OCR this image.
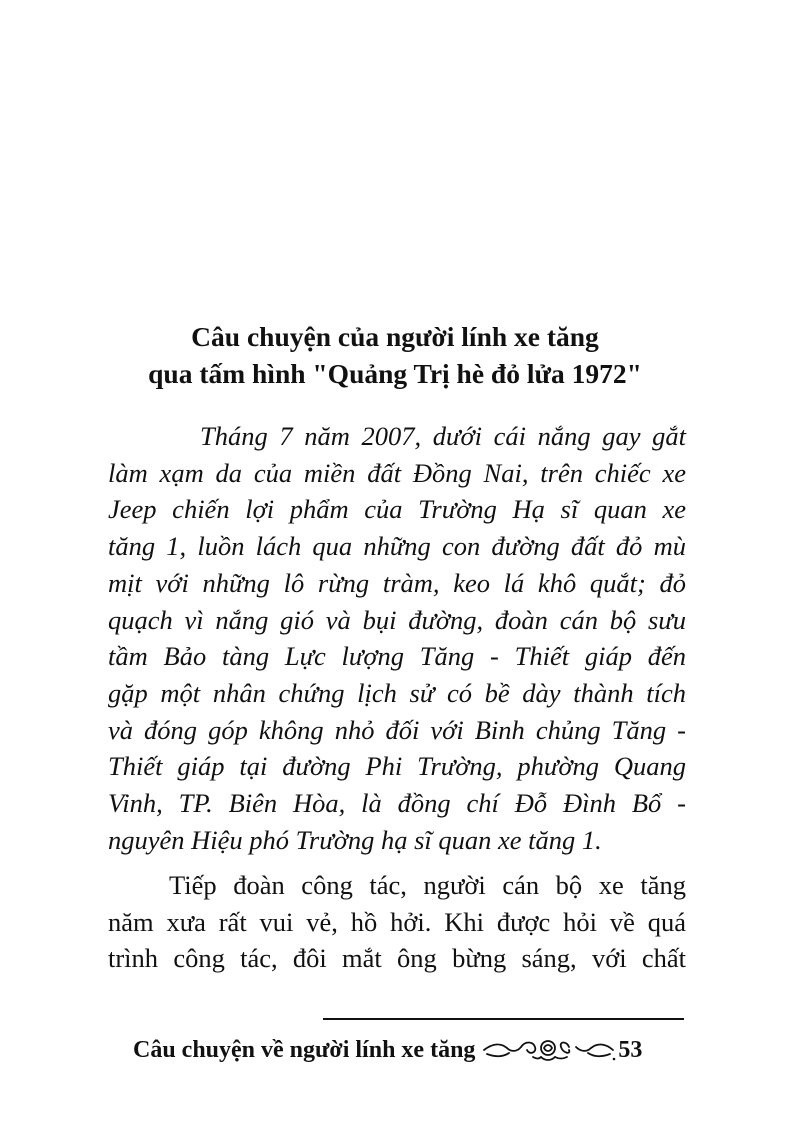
Câu chuyện của người lính xe tăng
qua tấm hình "Quảng Trị hè đỏ lửa 1972"
Tháng 7 năm 2007, dưới cái nắng gay gắt
làm xạm da của miền đất Đồng Nai, trên chiếc xe
Jeep chiến lợi phẩm của Trường Hạ sĩ quan xe
tăng 1, luồn lách qua những con đường đất đỏ mù
mịt với những lô rừng tràm, keo lá khô quắt; đỏ
quạch vì nắng gió và bụi đường, đoàn cán bộ sưu
tầm Bảo tàng Lực lượng Tăng - Thiết giáp đến
gặp một nhân chứng lịch sử có bề dày thành tích
và đóng góp không nhỏ đối với Binh chủng Tăng -
Thiết giáp tại đường Phi Trường, phường Quang
Vinh, TP. Biên Hòa, là đồng chí Đỗ Đình Bổ -
nguyên Hiệu phó Trường hạ sĩ quan xe tăng 1.
Tiếp đoàn công tác, người cán bộ xe tăng
năm xưa rất vui vẻ, hồ hởi. Khi được hỏi về quá
trình công tác, đôi mắt ông bừng sáng, với chất
Câu chuyện về người lính xe tăng	53
